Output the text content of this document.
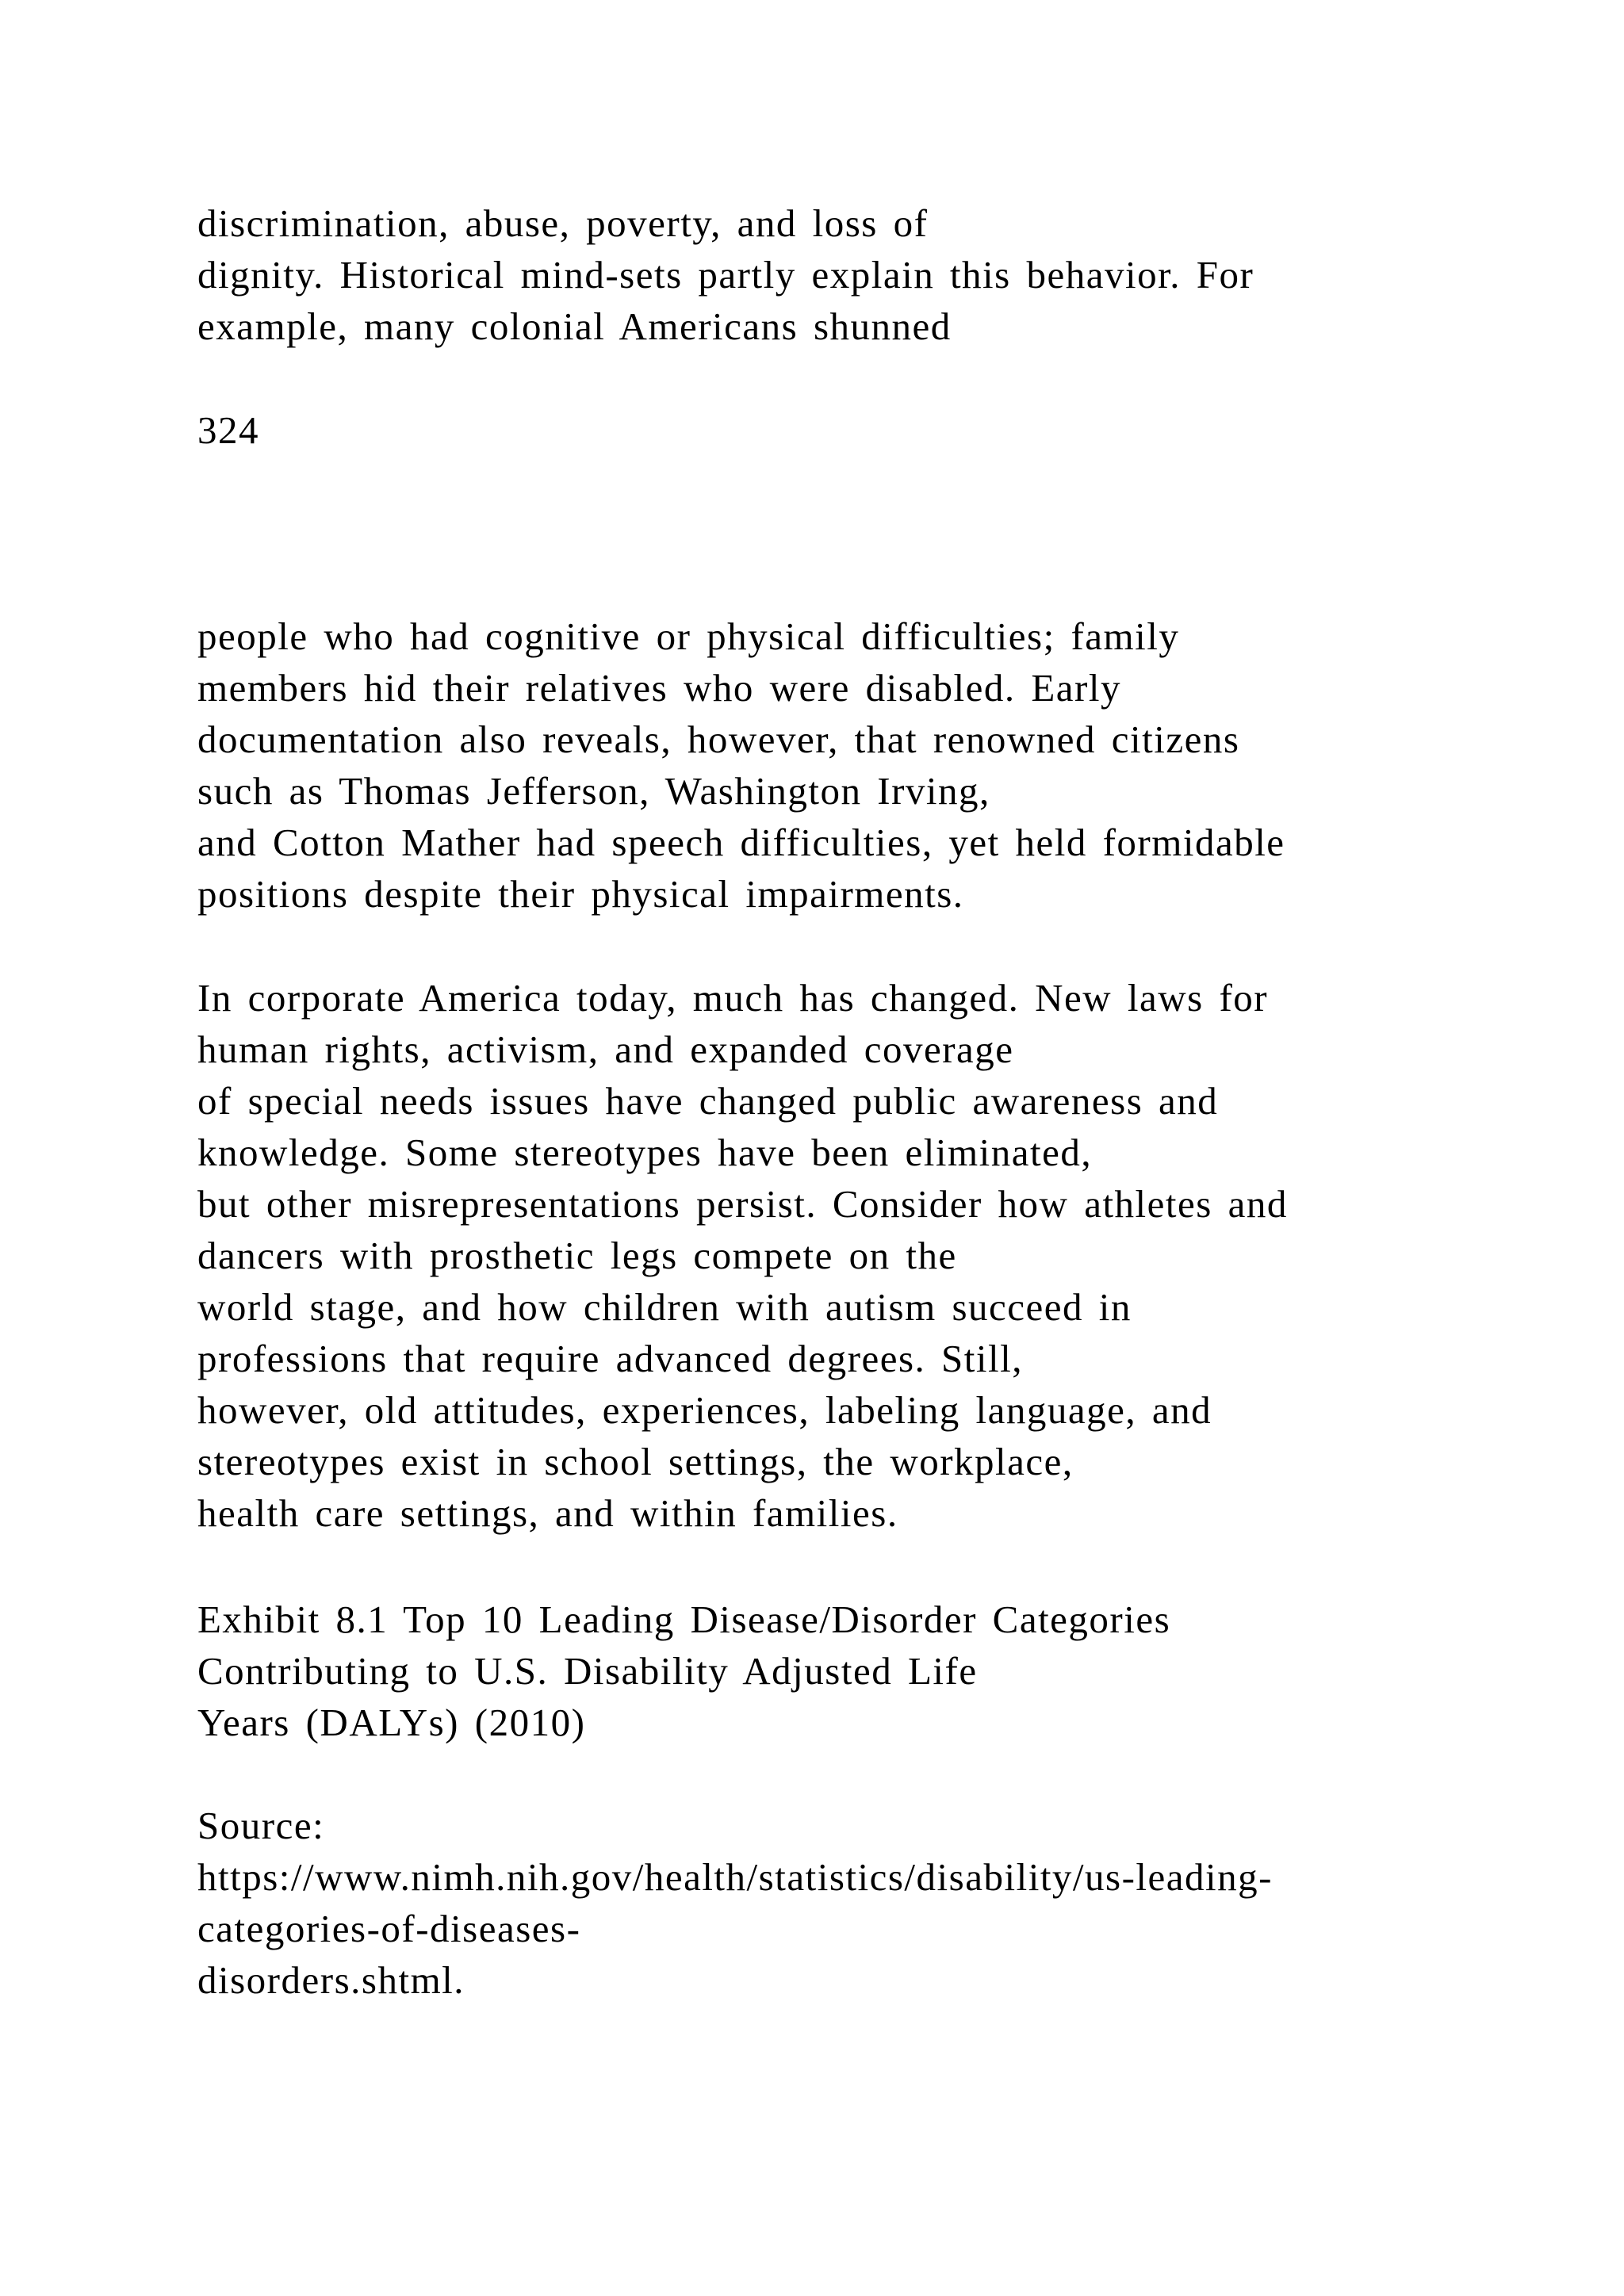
discrimination, abuse, poverty, and loss of
dignity. Historical mind-sets partly explain this behavior. For
example, many colonial Americans shunned
324
people who had cognitive or physical difficulties; family
members hid their relatives who were disabled. Early
documentation also reveals, however, that renowned citizens
such as Thomas Jefferson, Washington Irving,
and Cotton Mather had speech difficulties, yet held formidable
positions despite their physical impairments.
In corporate America today, much has changed. New laws for
human rights, activism, and expanded coverage
of special needs issues have changed public awareness and
knowledge. Some stereotypes have been eliminated,
but other misrepresentations persist. Consider how athletes and
dancers with prosthetic legs compete on the
world stage, and how children with autism succeed in
professions that require advanced degrees. Still,
however, old attitudes, experiences, labeling language, and
stereotypes exist in school settings, the workplace,
health care settings, and within families.
Exhibit 8.1 Top 10 Leading Disease/Disorder Categories
Contributing to U.S. Disability Adjusted Life
Years (DALYs) (2010)
Source:
https://www.nimh.nih.gov/health/statistics/disability/us-leading-
categories-of-diseases-
disorders.shtml.
